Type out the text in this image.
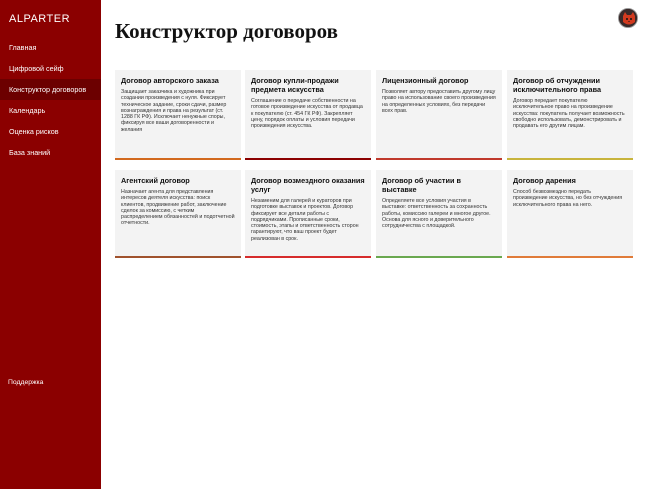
ALPARTER
Главная
Цифровой сейф
Конструктор договоров
Календарь
Оценка рисков
База знаний
Поддержка
Конструктор договоров
Договор авторского заказа
Защищает заказчика и художника при создании произведения с нуля. Фиксирует техническое задание, сроки сдачи, размер вознаграждения и права на результат (ст. 1288 ГК РФ). Исключает ненужные споры, фиксируя все ваши договоренности и желания
Договор купли-продажи предмета искусства
Соглашение о передаче собственности на готовое произведение искусства от продавца к покупателю (ст. 454 ГК РФ). Закрепляет цену, порядок оплаты и условия передачи произведения искусства.
Лицензионный договор
Позволяет автору предоставить другому лицу право на использование своего произведения на определенных условиях, без передачи всех прав.
Договор об отчуждении исключительного права
Договор передает покупателю исключительное право на произведение искусства: покупатель получает возможность свободно использовать, демонстрировать и продавать его другим лицам.
Агентский договор
Назначает агента для представления интересов деятеля искусства: поиск клиентов, продвижение работ, заключение сделок за комиссию, с четким распределением обязанностей и подотчетной отчетности.
Договор возмездного оказания услуг
Незаменим для галерей и кураторов при подготовке выставок и проектов. Договор фиксирует все детали работы с подрядчиками. Прописанные сроки, стоимость, этапы и ответственность сторон гарантируют, что ваш проект будет реализован в срок.
Договор об участии в выставке
Определяете все условия участия в выставке: ответственность за сохранность работы, комиссию галереи и многое другое. Основа для ясного и доверительного сотрудничества с площадкой.
Договор дарения
Способ безвозмездно передать произведение искусства, но без отчуждения исключительного права на него.
